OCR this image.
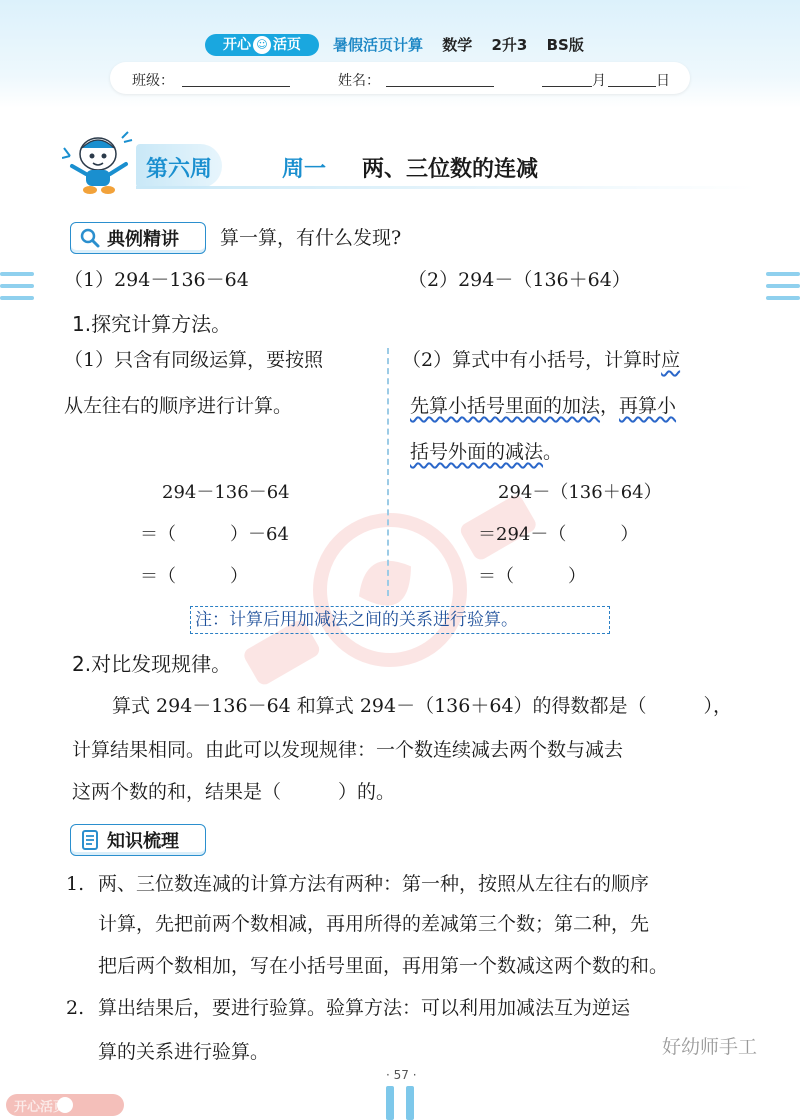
开心 ☺ 活页 暑假活页计算 数学 2升3 BS版
班级：	姓名：	月	日
第六周	周一 两、三位数的连减
典例精讲 算一算，有什么发现?
（1）294－136－64	（2）294－（136＋64）
1.探究计算方法。
（1）只含有同级运算，要按照
从左往右的顺序进行计算。
（2）算式中有小括号，计算时应
先算小括号里面的加法，再算小
括号外面的减法。
294－136－64
＝（　　　）－64
＝（　　　）
294－（136＋64）
＝294－（　　　）
＝（　　　）
注：计算后用加减法之间的关系进行验算。
2.对比发现规律。
算式 294－136－64 和算式 294－（136＋64）的得数都是（　　　），
计算结果相同。由此可以发现规律：一个数连续减去两个数与减去
这两个数的和，结果是（　　　）的。
知识梳理
1. 两、三位数连减的计算方法有两种：第一种，按照从左往右的顺序
计算，先把前两个数相减，再用所得的差减第三个数；第二种，先
把后两个数相加，写在小括号里面，再用第一个数减这两个数的和。
2. 算出结果后，要进行验算。验算方法：可以利用加减法互为逆运
算的关系进行验算。	好幼师手工
· 57 ·
开心活页
